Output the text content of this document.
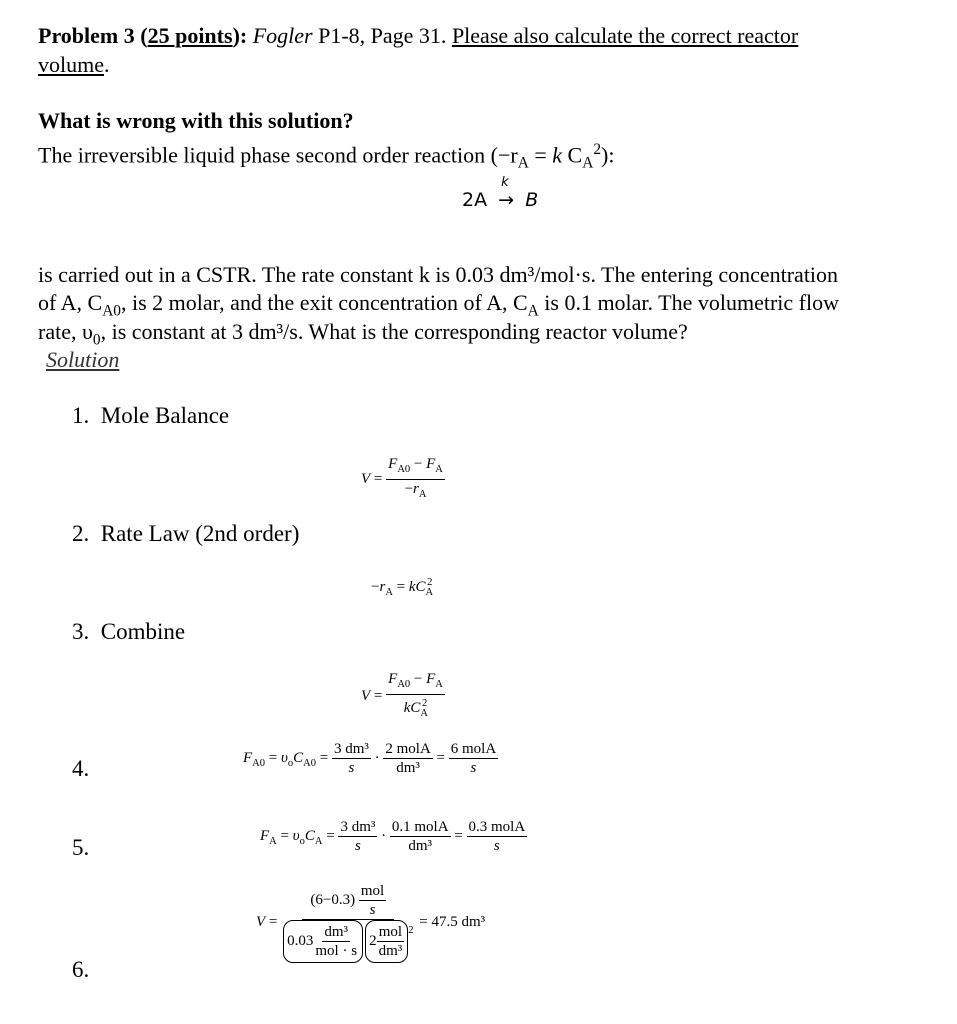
Problem 3 (25 points): Fogler P1-8, Page 31. Please also calculate the correct reactor
volume.
What is wrong with this solution?
The irreversible liquid phase second order reaction ($-r_A = k$ $C_A^2$):
2A
k
→ B
is carried out in a CSTR. The rate constant k is 0.03 dm³/mol·s. The entering concentration
of A, $C_{A0}$, is 2 molar, and the exit concentration of A, $C_A$ is 0.1 molar. The volumetric flow
rate, $\upsilon_0$, is constant at 3 dm³/s. What is the corresponding reactor volume?
Solution
1. Mole Balance
2. Rate Law (2nd order)
3. Combine
4.
5.
6.
$V = \frac{F_{A0} - F_A}{-r_A}$
$-r_A = kC_A^2$
$V = \frac{F_{A0} - F_A}{kC_A^2}$
$F_{A0} = \upsilon_oC_{A0} = \frac{\text{3 dm³}}{s} \cdot \frac{\text{2 molA}}{\text{dm³}} = \frac{\text{6 molA}}{s}$
$F_A = \upsilon_oC_A = \frac{\text{3 dm³}}{s} \cdot \frac{\text{0.1 molA}}{\text{dm³}} = \frac{\text{0.3 molA}}{s}$
V =
$(6-0.3) \frac{\text{mol}}{s}$
$0.03 \frac{\text{dm³}}{\text{mol · s}} 2 \frac{\text{mol}}{\text{dm³}} ^2$

= 47.5 dm³
